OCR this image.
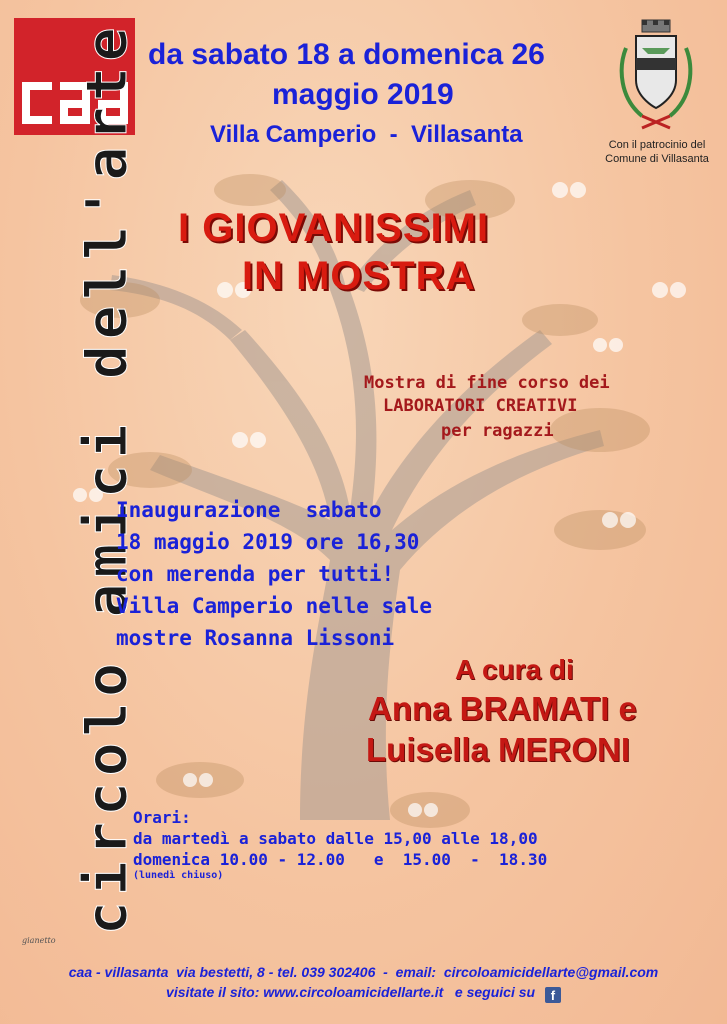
circolo amici dell'arte
gianetto
da sabato 18 a domenica 26
maggio 2019
Villa Camperio  -  Villasanta	Con il patrocinio del
Comune di Villasanta
I GIOVANISSIMI
IN MOSTRA
Mostra di fine corso dei
LABORATORI CREATIVI
per ragazzi
Inaugurazione  sabato
18 maggio 2019 ore 16,30
con merenda per tutti!
Villa Camperio nelle sale
mostre Rosanna Lissoni
A cura di
Anna BRAMATI e
Luisella MERONI
Orari:
da martedì a sabato dalle 15,00 alle 18,00
domenica 10.00 - 12.00   e  15.00  -  18.30
(lunedì chiuso)
caa - villasanta  via bestetti, 8 - tel. 039 302406  -  email:  circoloamicidellarte@gmail.com
visitate il sito: www.circoloamicidellarte.it   e seguici su f
